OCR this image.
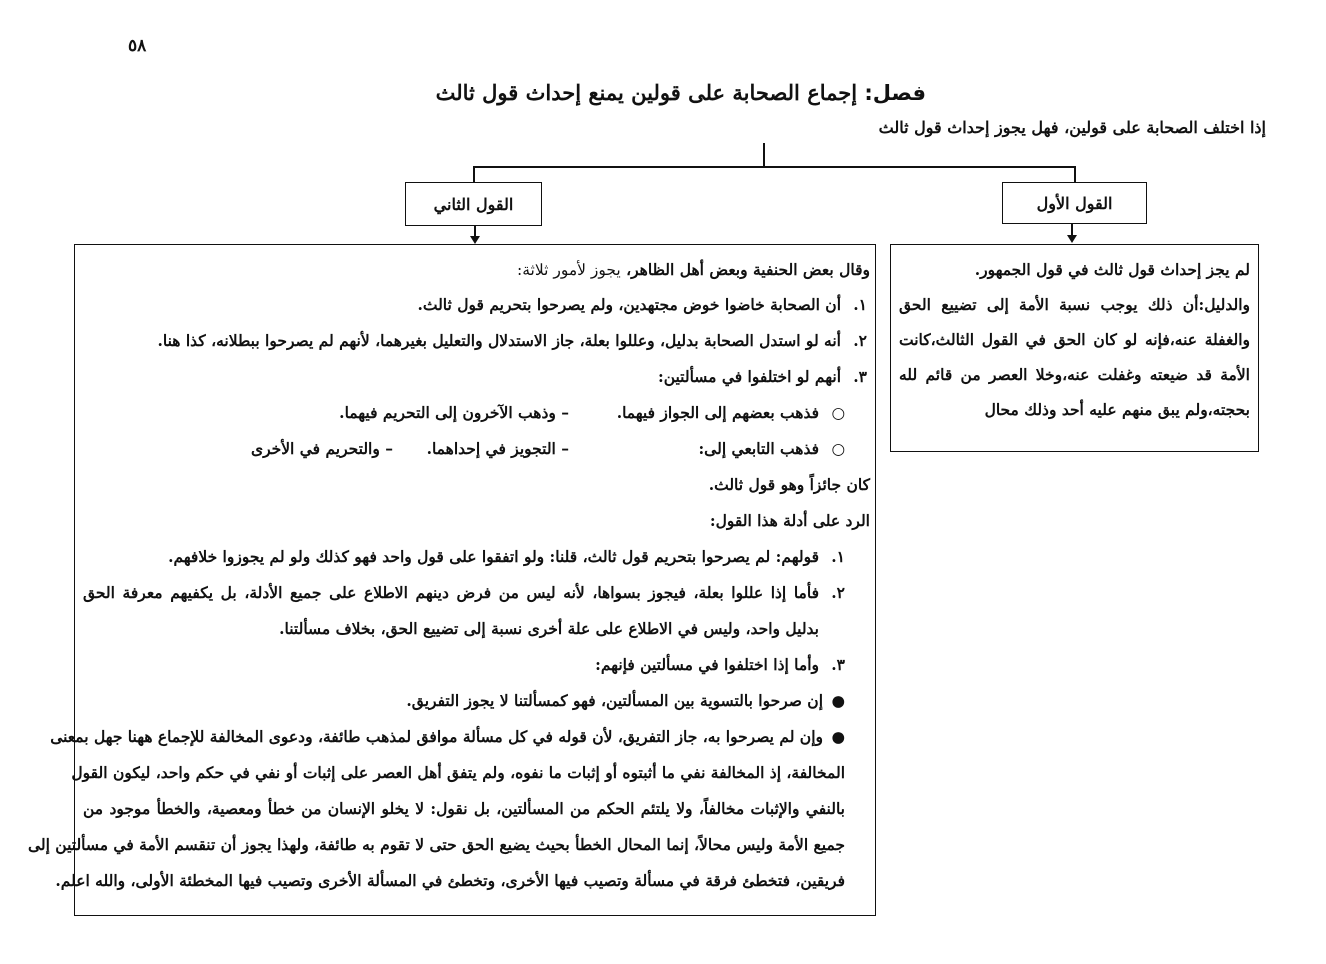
٥٨
فصل: إجماع الصحابة على قولين يمنع إحداث قول ثالث
إذا اختلف الصحابة على قولين، فهل يجوز إحداث قول ثالث
القول الثاني	القول الأول
لم يجز إحداث قول ثالث في قول الجمهور.
والدليل:أن ذلك يوجب نسبة الأمة إلى تضييع الحق
والغفلة عنه،فإنه لو كان الحق في القول الثالث،كانت
الأمة قد ضيعته وغفلت عنه،وخلا العصر من قائم لله
بحجته،ولم يبق منهم عليه أحد وذلك محال
وقال بعض الحنفية وبعض أهل الظاهر، يجوز لأمور ثلاثة:
١.أن الصحابة خاضوا خوض مجتهدين، ولم يصرحوا بتحريم قول ثالث.
٢.أنه لو استدل الصحابة بدليل، وعللوا بعلة، جاز الاستدلال والتعليل بغيرهما، لأنهم لم يصرحوا ببطلانه، كذا هنا.
٣.أنهم لو اختلفوا في مسألتين:
○فذهب بعضهم إلى الجواز فيهما.
– وذهب الآخرون إلى التحريم فيهما.
○فذهب التابعي إلى:
– التجويز في إحداهما.
– والتحريم في الأخرى
كان جائزاً وهو قول ثالث.
الرد على أدلة هذا القول:
١.قولهم: لم يصرحوا بتحريم قول ثالث، قلنا: ولو اتفقوا على قول واحد فهو كذلك ولو لم يجوزوا خلافهم.
٢.فأما إذا عللوا بعلة، فيجوز بسواها، لأنه ليس من فرض دينهم الاطلاع على جميع الأدلة، بل يكفيهم معرفة الحق
بدليل واحد، وليس في الاطلاع على علة أخرى نسبة إلى تضييع الحق، بخلاف مسألتنا.
٣.وأما إذا اختلفوا في مسألتين فإنهم:
●إن صرحوا بالتسوية بين المسألتين، فهو كمسألتنا لا يجوز التفريق.
●وإن لم يصرحوا به، جاز التفريق، لأن قوله في كل مسألة موافق لمذهب طائفة، ودعوى المخالفة للإجماع ههنا جهل بمعنى
المخالفة، إذ المخالفة نفي ما أثبتوه أو إثبات ما نفوه، ولم يتفق أهل العصر على إثبات أو نفي في حكم واحد، ليكون القول
بالنفي والإثبات مخالفاً، ولا يلتئم الحكم من المسألتين، بل نقول: لا يخلو الإنسان من خطأ ومعصية، والخطأ موجود من
جميع الأمة وليس محالاً، إنما المحال الخطأ بحيث يضيع الحق حتى لا تقوم به طائفة، ولهذا يجوز أن تنقسم الأمة في مسألتين إلى
فريقين، فتخطئ فرقة في مسألة وتصيب فيها الأخرى، وتخطئ في المسألة الأخرى وتصيب فيها المخطئة الأولى، والله اعلم.
